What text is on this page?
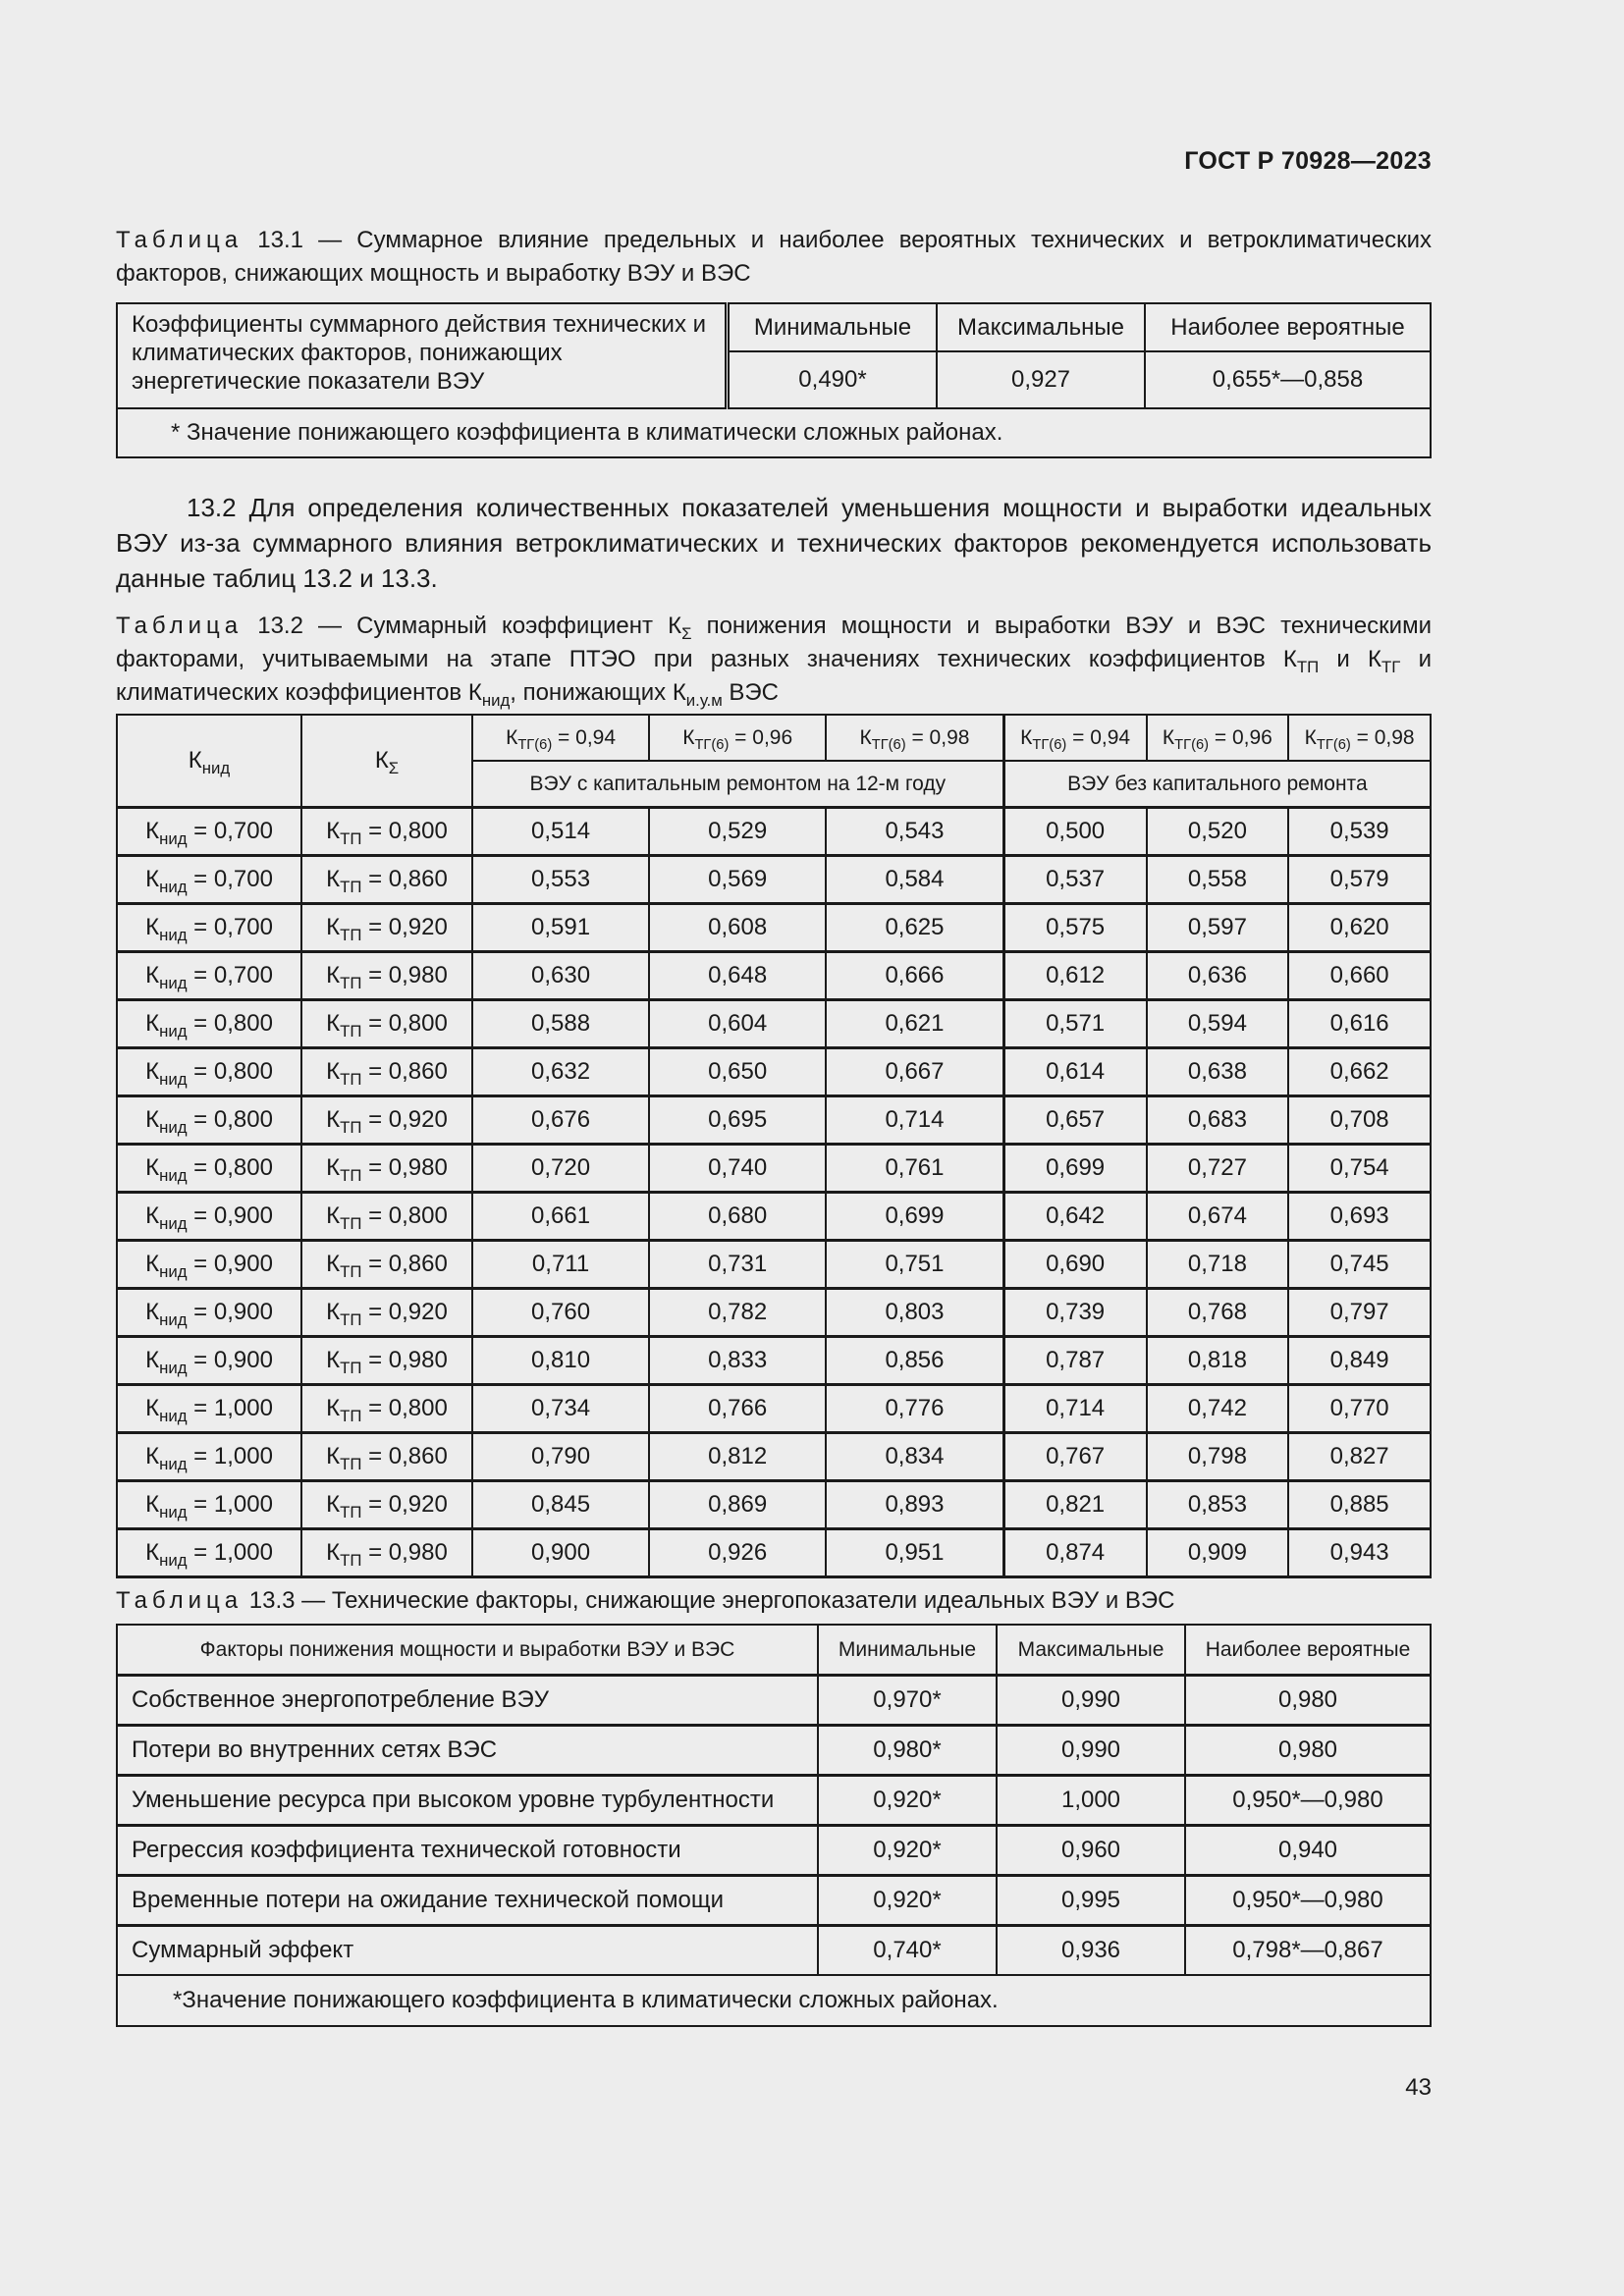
ГОСТ Р 70928—2023

Таблица 13.1 — Суммарное влияние предельных и наиболее вероятных технических и ветроклиматических факторов, снижающих мощность и выработку ВЭУ и ВЭС

Коэффициенты суммарного действия технических и климатических факторов, понижающих энергетические показатели ВЭУ	Минимальные	Максимальные	Наиболее вероятные
	0,490*	0,927	0,655*—0,858
* Значение понижающего коэффициента в климатически сложных районах.			

13.2 Для определения количественных показателей уменьшения мощности и выработки идеальных ВЭУ из-за суммарного влияния ветроклиматических и технических факторов рекомендуется использовать данные таблиц 13.2 и 13.3.

Таблица 13.2 — Суммарный коэффициент $К_\Sigma$ понижения мощности и выработки ВЭУ и ВЭС техническими факторами, учитываемыми на этапе ПТЭО при разных значениях технических коэффициентов $К_{ТП}$ и $К_{ТГ}$ и климатических коэффициентов $К_{нид}$, понижающих $К_{и.у.м}$ ВЭС

$К_{нид}$	$К_\Sigma$	$К_{ТГ(6)} = 0,94$	$К_{ТГ(6)} = 0,96$	$К_{ТГ(6)} = 0,98$	$К_{ТГ(6)} = 0,94$	$К_{ТГ(6)} = 0,96$	$К_{ТГ(6)} = 0,98$
		ВЭУ с капитальным ремонтом на 12-м году			ВЭУ без капитального ремонта		
$К_{нид} = 0,700$	$К_{ТП} = 0,800$	0,514	0,529	0,543	0,500	0,520	0,539
$К_{нид} = 0,700$	$К_{ТП} = 0,860$	0,553	0,569	0,584	0,537	0,558	0,579
$К_{нид} = 0,700$	$К_{ТП} = 0,920$	0,591	0,608	0,625	0,575	0,597	0,620
$К_{нид} = 0,700$	$К_{ТП} = 0,980$	0,630	0,648	0,666	0,612	0,636	0,660
$К_{нид} = 0,800$	$К_{ТП} = 0,800$	0,588	0,604	0,621	0,571	0,594	0,616
$К_{нид} = 0,800$	$К_{ТП} = 0,860$	0,632	0,650	0,667	0,614	0,638	0,662
$К_{нид} = 0,800$	$К_{ТП} = 0,920$	0,676	0,695	0,714	0,657	0,683	0,708
$К_{нид} = 0,800$	$К_{ТП} = 0,980$	0,720	0,740	0,761	0,699	0,727	0,754
$К_{нид} = 0,900$	$К_{ТП} = 0,800$	0,661	0,680	0,699	0,642	0,674	0,693
$К_{нид} = 0,900$	$К_{ТП} = 0,860$	0,711	0,731	0,751	0,690	0,718	0,745
$К_{нид} = 0,900$	$К_{ТП} = 0,920$	0,760	0,782	0,803	0,739	0,768	0,797
$К_{нид} = 0,900$	$К_{ТП} = 0,980$	0,810	0,833	0,856	0,787	0,818	0,849
$К_{нид} = 1,000$	$К_{ТП} = 0,800$	0,734	0,766	0,776	0,714	0,742	0,770
$К_{нид} = 1,000$	$К_{ТП} = 0,860$	0,790	0,812	0,834	0,767	0,798	0,827
$К_{нид} = 1,000$	$К_{ТП} = 0,920$	0,845	0,869	0,893	0,821	0,853	0,885
$К_{нид} = 1,000$	$К_{ТП} = 0,980$	0,900	0,926	0,951	0,874	0,909	0,943

Таблица 13.3 — Технические факторы, снижающие энергопоказатели идеальных ВЭУ и ВЭС

Факторы понижения мощности и выработки ВЭУ и ВЭС	Минимальные	Максимальные	Наиболее вероятные
Собственное энергопотребление ВЭУ	0,970*	0,990	0,980
Потери во внутренних сетях ВЭС	0,980*	0,990	0,980
Уменьшение ресурса при высоком уровне турбулентности	0,920*	1,000	0,950*—0,980
Регрессия коэффициента технической готовности	0,920*	0,960	0,940
Временные потери на ожидание технической помощи	0,920*	0,995	0,950*—0,980
Суммарный эффект	0,740*	0,936	0,798*—0,867
*Значение понижающего коэффициента в климатически сложных районах.			
43
